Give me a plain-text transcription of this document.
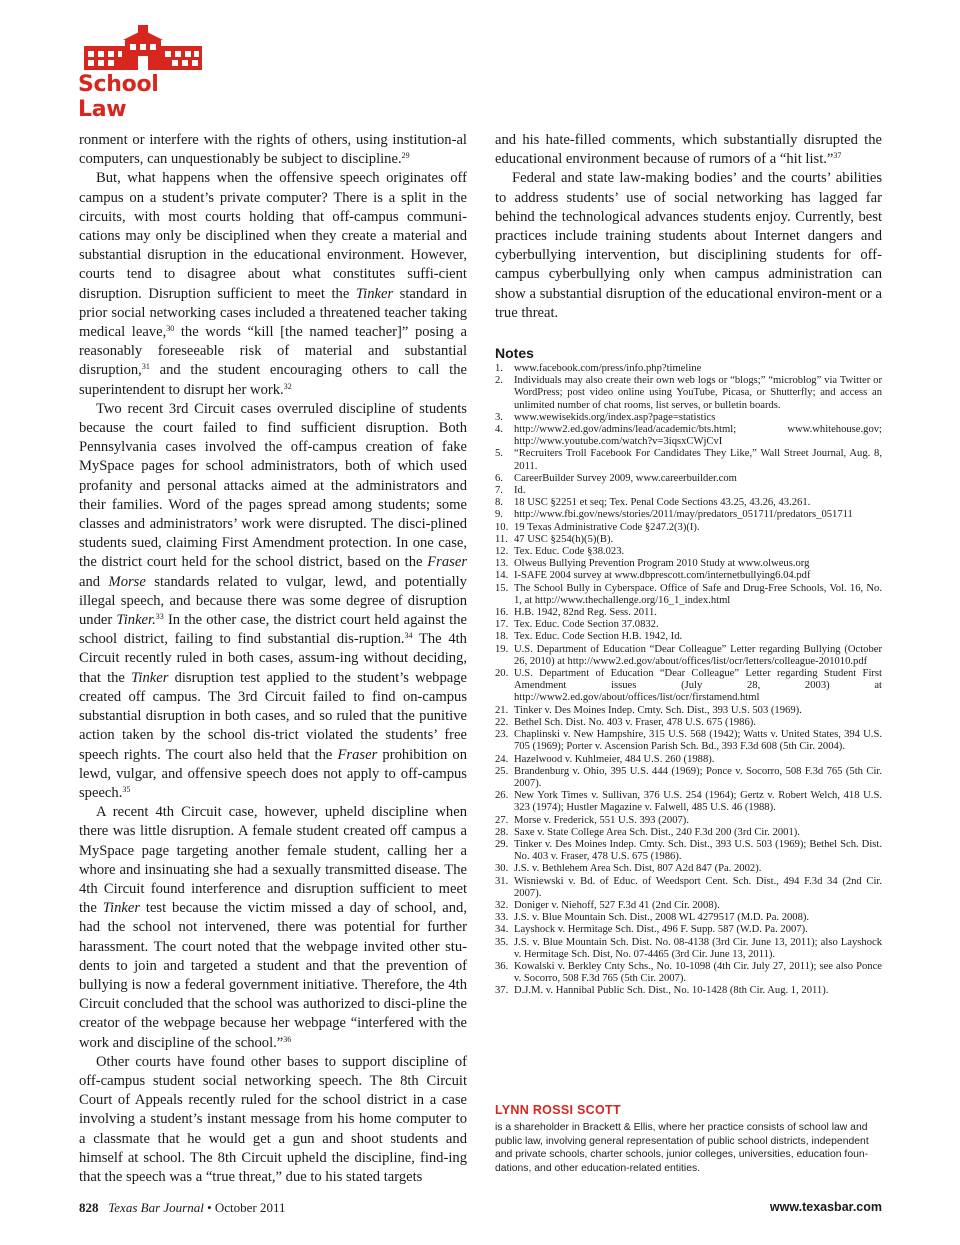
School Law

ronment or interfere with the rights of others, using institution-al computers, can unquestionably be subject to discipline.$^{29}$

But, what happens when the offensive speech originates off campus on a student’s private computer? There is a split in the circuits, with most courts holding that off-campus communi-cations may only be disciplined when they create a material and substantial disruption in the educational environment. However, courts tend to disagree about what constitutes suffi-cient disruption. Disruption sufficient to meet the Tinker standard in prior social networking cases included a threatened teacher taking medical leave,$^{30}$ the words “kill [the named teacher]” posing a reasonably foreseeable risk of material and substantial disruption,$^{31}$ and the student encouraging others to call the superintendent to disrupt her work.$^{32}$

Two recent 3rd Circuit cases overruled discipline of students because the court failed to find sufficient disruption. Both Pennsylvania cases involved the off-campus creation of fake MySpace pages for school administrators, both of which used profanity and personal attacks aimed at the administrators and their families. Word of the pages spread among students; some classes and administrators’ work were disrupted. The disci-plined students sued, claiming First Amendment protection. In one case, the district court held for the school district, based on the Fraser and Morse standards related to vulgar, lewd, and potentially illegal speech, and because there was some degree of disruption under Tinker.$^{33}$ In the other case, the district court held against the school district, failing to find substantial dis-ruption.$^{34}$ The 4th Circuit recently ruled in both cases, assum-ing without deciding, that the Tinker disruption test applied to the student’s webpage created off campus. The 3rd Circuit failed to find on-campus substantial disruption in both cases, and so ruled that the punitive action taken by the school dis-trict violated the students’ free speech rights. The court also held that the Fraser prohibition on lewd, vulgar, and offensive speech does not apply to off-campus speech.$^{35}$

A recent 4th Circuit case, however, upheld discipline when there was little disruption. A female student created off campus a MySpace page targeting another female student, calling her a whore and insinuating she had a sexually transmitted disease. The 4th Circuit found interference and disruption sufficient to meet the Tinker test because the victim missed a day of school, and, had the school not intervened, there was potential for further harassment. The court noted that the webpage invited other stu-dents to join and targeted a student and that the prevention of bullying is now a federal government initiative. Therefore, the 4th Circuit concluded that the school was authorized to disci-pline the creator of the webpage because her webpage “interfered with the work and discipline of the school.”$^{36}$

Other courts have found other bases to support discipline of off-campus student social networking speech. The 8th Circuit Court of Appeals recently ruled for the school district in a case involving a student’s instant message from his home computer to a classmate that he would get a gun and shoot students and himself at school. The 8th Circuit upheld the discipline, find-ing that the speech was a “true threat,” due to his stated targets

and his hate-filled comments, which substantially disrupted the educational environment because of rumors of a “hit list.”$^{37}$

Federal and state law-making bodies’ and the courts’ abilities to address students’ use of social networking has lagged far behind the technological advances students enjoy. Currently, best practices include training students about Internet dangers and cyberbullying intervention, but disciplining students for off-campus cyberbullying only when campus administration can show a substantial disruption of the educational environ-ment or a true threat.

Notes
1. www.facebook.com/press/info.php?timeline
2. Individuals may also create their own web logs or “blogs;” “microblog” via Twitter or WordPress; post video online using YouTube, Picasa, or Shutterfly; and access an unlimited number of chat rooms, list serves, or bulletin boards.
3. www.wewisekids.org/index.asp?page=statistics
4. http://www2.ed.gov/admins/lead/academic/bts.html; www.whitehouse.gov; http://www.youtube.com/watch?v=3iqsxCWjCvI
5. “Recruiters Troll Facebook For Candidates They Like,” Wall Street Journal, Aug. 8, 2011.
6. CareerBuilder Survey 2009, www.careerbuilder.com
7. Id.
8. 18 USC §2251 et seq; Tex. Penal Code Sections 43.25, 43.26, 43.261.
9. http://www.fbi.gov/news/stories/2011/may/predators_051711/predators_051711
10. 19 Texas Administrative Code §247.2(3)(I).
11. 47 USC §254(h)(5)(B).
12. Tex. Educ. Code §38.023.
13. Olweus Bullying Prevention Program 2010 Study at www.olweus.org
14. I-SAFE 2004 survey at www.dbprescott.com/internetbullying6.04.pdf
15. The School Bully in Cyberspace. Office of Safe and Drug-Free Schools, Vol. 16, No. 1, at http://www.thechallenge.org/16_1_index.html
16. H.B. 1942, 82nd Reg. Sess. 2011.
17. Tex. Educ. Code Section 37.0832.
18. Tex. Educ. Code Section H.B. 1942, Id.
19. U.S. Department of Education “Dear Colleague” Letter regarding Bullying (October 26, 2010) at http://www2.ed.gov/about/offices/list/ocr/letters/colleague-201010.pdf
20. U.S. Department of Education “Dear Colleague” Letter regarding Student First Amendment issues (July 28, 2003) at http://www2.ed.gov/about/offices/list/ocr/firstamend.html
21. Tinker v. Des Moines Indep. Cmty. Sch. Dist., 393 U.S. 503 (1969).
22. Bethel Sch. Dist. No. 403 v. Fraser, 478 U.S. 675 (1986).
23. Chaplinski v. New Hampshire, 315 U.S. 568 (1942); Watts v. United States, 394 U.S. 705 (1969); Porter v. Ascension Parish Sch. Bd., 393 F.3d 608 (5th Cir. 2004).
24. Hazelwood v. Kuhlmeier, 484 U.S. 260 (1988).
25. Brandenburg v. Ohio, 395 U.S. 444 (1969); Ponce v. Socorro, 508 F.3d 765 (5th Cir. 2007).
26. New York Times v. Sullivan, 376 U.S. 254 (1964); Gertz v. Robert Welch, 418 U.S. 323 (1974); Hustler Magazine v. Falwell, 485 U.S. 46 (1988).
27. Morse v. Frederick, 551 U.S. 393 (2007).
28. Saxe v. State College Area Sch. Dist., 240 F.3d 200 (3rd Cir. 2001).
29. Tinker v. Des Moines Indep. Cmty. Sch. Dist., 393 U.S. 503 (1969); Bethel Sch. Dist. No. 403 v. Fraser, 478 U.S. 675 (1986).
30. J.S. v. Bethlehem Area Sch. Dist, 807 A2d 847 (Pa. 2002).
31. Wisniewski v. Bd. of Educ. of Weedsport Cent. Sch. Dist., 494 F.3d 34 (2nd Cir. 2007).
32. Doniger v. Niehoff, 527 F.3d 41 (2nd Cir. 2008).
33. J.S. v. Blue Mountain Sch. Dist., 2008 WL 4279517 (M.D. Pa. 2008).
34. Layshock v. Hermitage Sch. Dist., 496 F. Supp. 587 (W.D. Pa. 2007).
35. J.S. v. Blue Mountain Sch. Dist. No. 08-4138 (3rd Cir. June 13, 2011); also Layshock v. Hermitage Sch. Dist, No. 07-4465 (3rd Cir. June 13, 2011).
36. Kowalski v. Berkley Cnty Schs., No. 10-1098 (4th Cir. July 27, 2011); see also Ponce v. Socorro, 508 F.3d 765 (5th Cir. 2007).
37. D.J.M. v. Hannibal Public Sch. Dist., No. 10-1428 (8th Cir. Aug. 1, 2011).
LYNN ROSSI SCOTT
is a shareholder in Brackett & Ellis, where her practice consists of school law and public law, involving general representation of public school districts, independent and private schools, charter schools, junior colleges, universities, education foun-dations, and other education-related entities.
828 Texas Bar Journal • October 2011	www.texasbar.com
